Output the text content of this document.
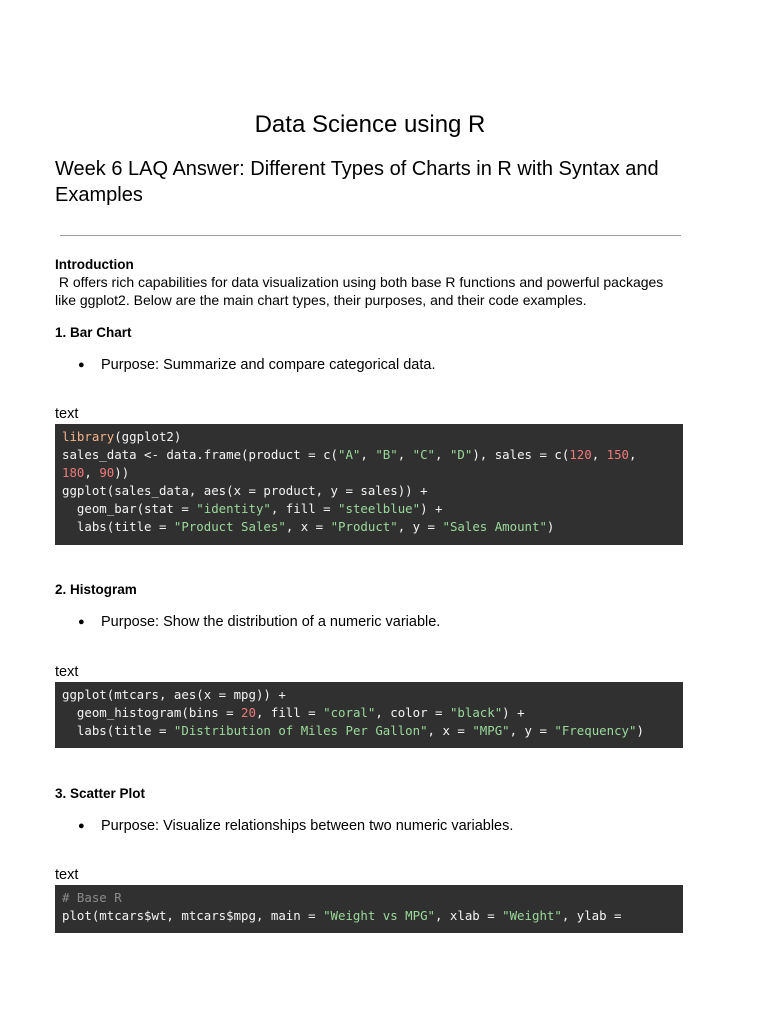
Data Science using R
Week 6 LAQ Answer: Different Types of Charts in R with Syntax and Examples
Introduction
R offers rich capabilities for data visualization using both base R functions and powerful packages
like ggplot2. Below are the main chart types, their purposes, and their code examples.
1. Bar Chart
● Purpose: Summarize and compare categorical data.
text
library(ggplot2)
sales_data <- data.frame(product = c("A", "B", "C", "D"), sales = c(120, 150,
180, 90))
ggplot(sales_data, aes(x = product, y = sales)) +
geom_bar(stat = "identity", fill = "steelblue") +
labs(title = "Product Sales", x = "Product", y = "Sales Amount")
2. Histogram
● Purpose: Show the distribution of a numeric variable.
text
ggplot(mtcars, aes(x = mpg)) +
geom_histogram(bins = 20, fill = "coral", color = "black") +
labs(title = "Distribution of Miles Per Gallon", x = "MPG", y = "Frequency")
3. Scatter Plot
● Purpose: Visualize relationships between two numeric variables.
text
# Base R
plot(mtcars$wt, mtcars$mpg, main = "Weight vs MPG", xlab = "Weight", ylab =
